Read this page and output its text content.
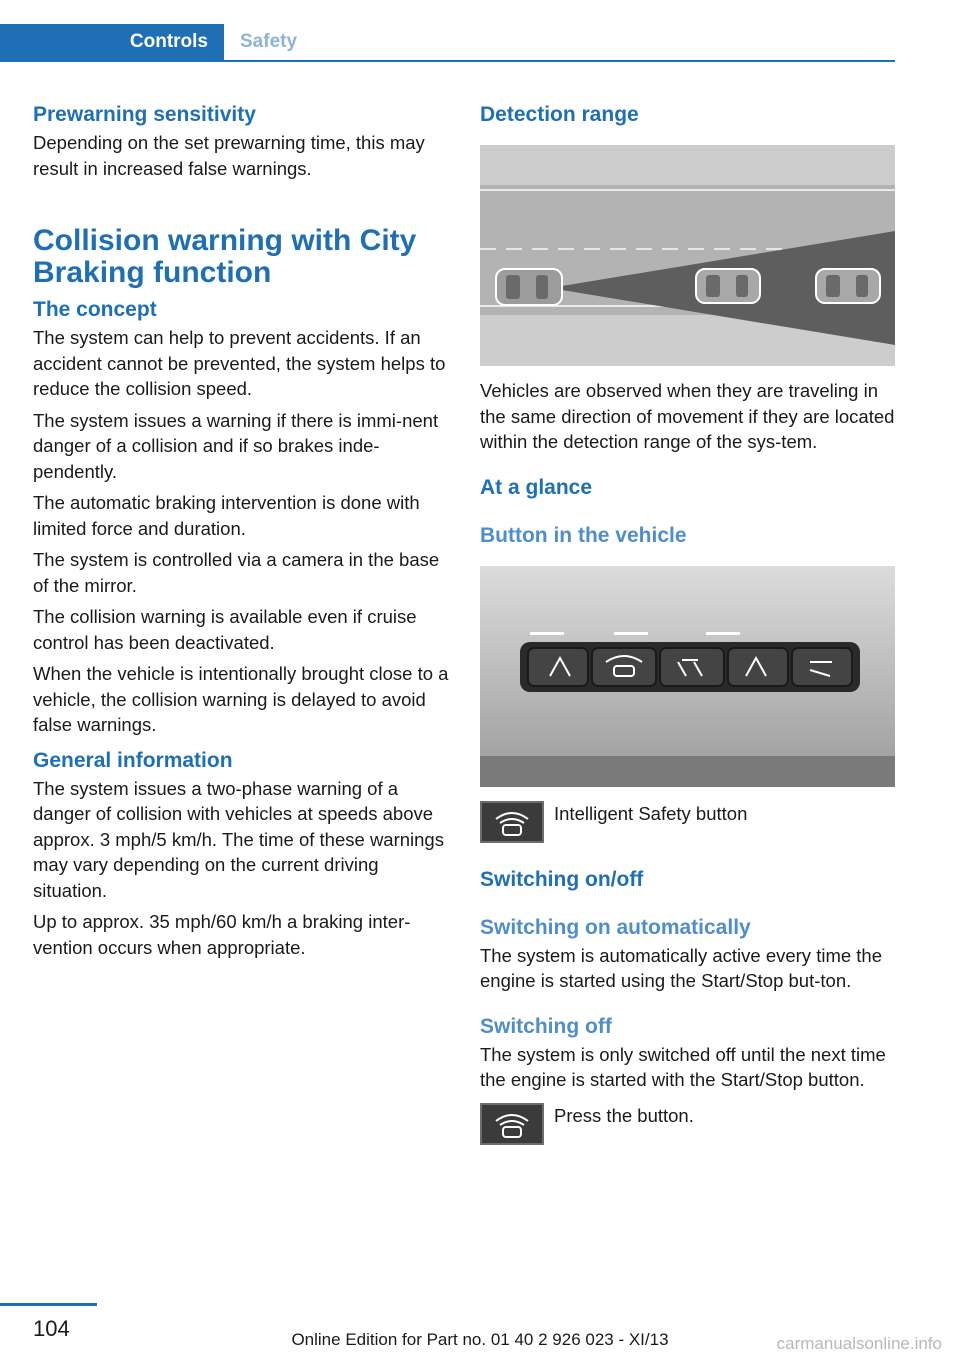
Controls	Safety
Prewarning sensitivity

Depending on the set prewarning time, this may result in increased false warnings.

Collision warning with City Braking function
The concept

The system can help to prevent accidents. If an accident cannot be prevented, the system helps to reduce the collision speed.

The system issues a warning if there is immi-nent danger of a collision and if so brakes inde-pendently.

The automatic braking intervention is done with limited force and duration.

The system is controlled via a camera in the base of the mirror.

The collision warning is available even if cruise control has been deactivated.

When the vehicle is intentionally brought close to a vehicle, the collision warning is delayed to avoid false warnings.

General information

The system issues a two-phase warning of a danger of collision with vehicles at speeds above approx. 3 mph/5 km/h. The time of these warnings may vary depending on the current driving situation.

Up to approx. 35 mph/60 km/h a braking inter-vention occurs when appropriate.

Detection range

Vehicles are observed when they are traveling in the same direction of movement if they are located within the detection range of the sys-tem.

At a glance
Button in the vehicle
Intelligent Safety button
Switching on/off
Switching on automatically

The system is automatically active every time the engine is started using the Start/Stop but-ton.

Switching off

The system is only switched off until the next time the engine is started with the Start/Stop button.

Press the button.
104	Online Edition for Part no. 01 40 2 926 023 - XI/13	carmanualsonline.info
